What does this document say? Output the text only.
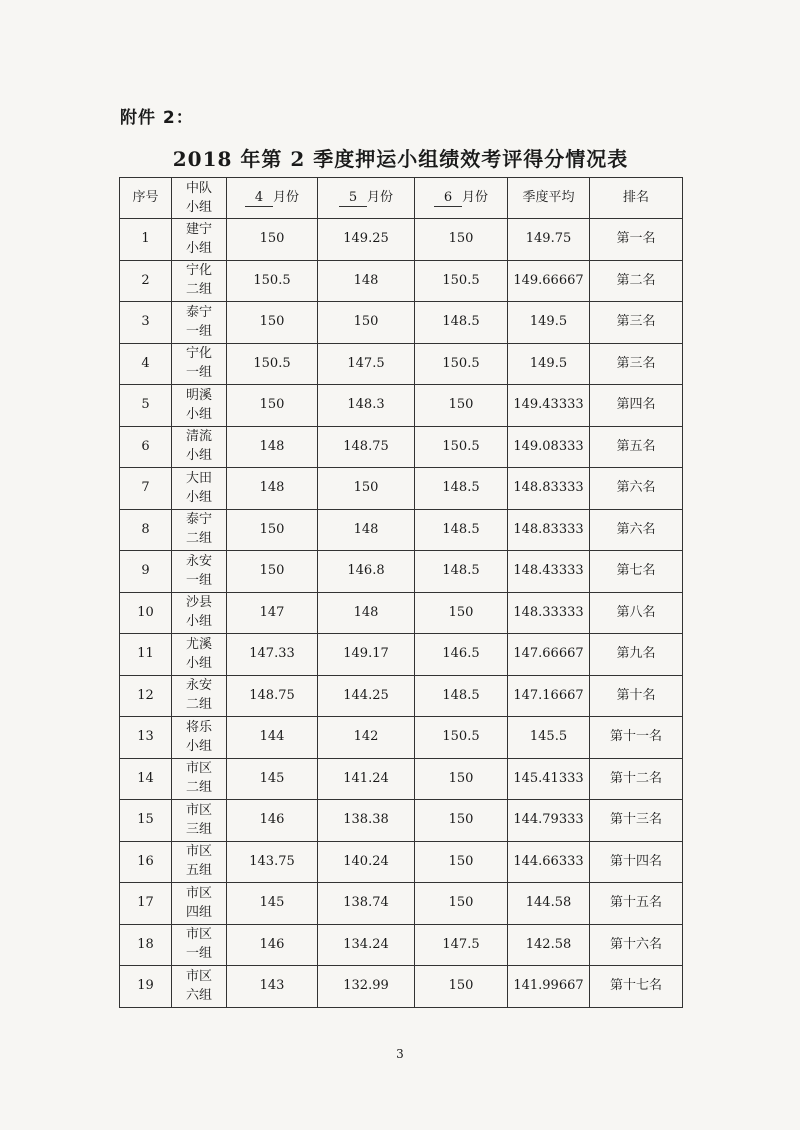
附件 2：
2018 年第 2 季度押运小组绩效考评得分情况表
序号	中队小组	4 月份	5 月份	6 月份	季度平均	排名
1	建宁小组	150	149.25	150	149.75	第一名
2	宁化二组	150.5	148	150.5	149.66667	第二名
3	泰宁一组	150	150	148.5	149.5	第三名
4	宁化一组	150.5	147.5	150.5	149.5	第三名
5	明溪小组	150	148.3	150	149.43333	第四名
6	清流小组	148	148.75	150.5	149.08333	第五名
7	大田小组	148	150	148.5	148.83333	第六名
8	泰宁二组	150	148	148.5	148.83333	第六名
9	永安一组	150	146.8	148.5	148.43333	第七名
10	沙县小组	147	148	150	148.33333	第八名
11	尤溪小组	147.33	149.17	146.5	147.66667	第九名
12	永安二组	148.75	144.25	148.5	147.16667	第十名
13	将乐小组	144	142	150.5	145.5	第十一名
14	市区二组	145	141.24	150	145.41333	第十二名
15	市区三组	146	138.38	150	144.79333	第十三名
16	市区五组	143.75	140.24	150	144.66333	第十四名
17	市区四组	145	138.74	150	144.58	第十五名
18	市区一组	146	134.24	147.5	142.58	第十六名
19	市区六组	143	132.99	150	141.99667	第十七名
3
